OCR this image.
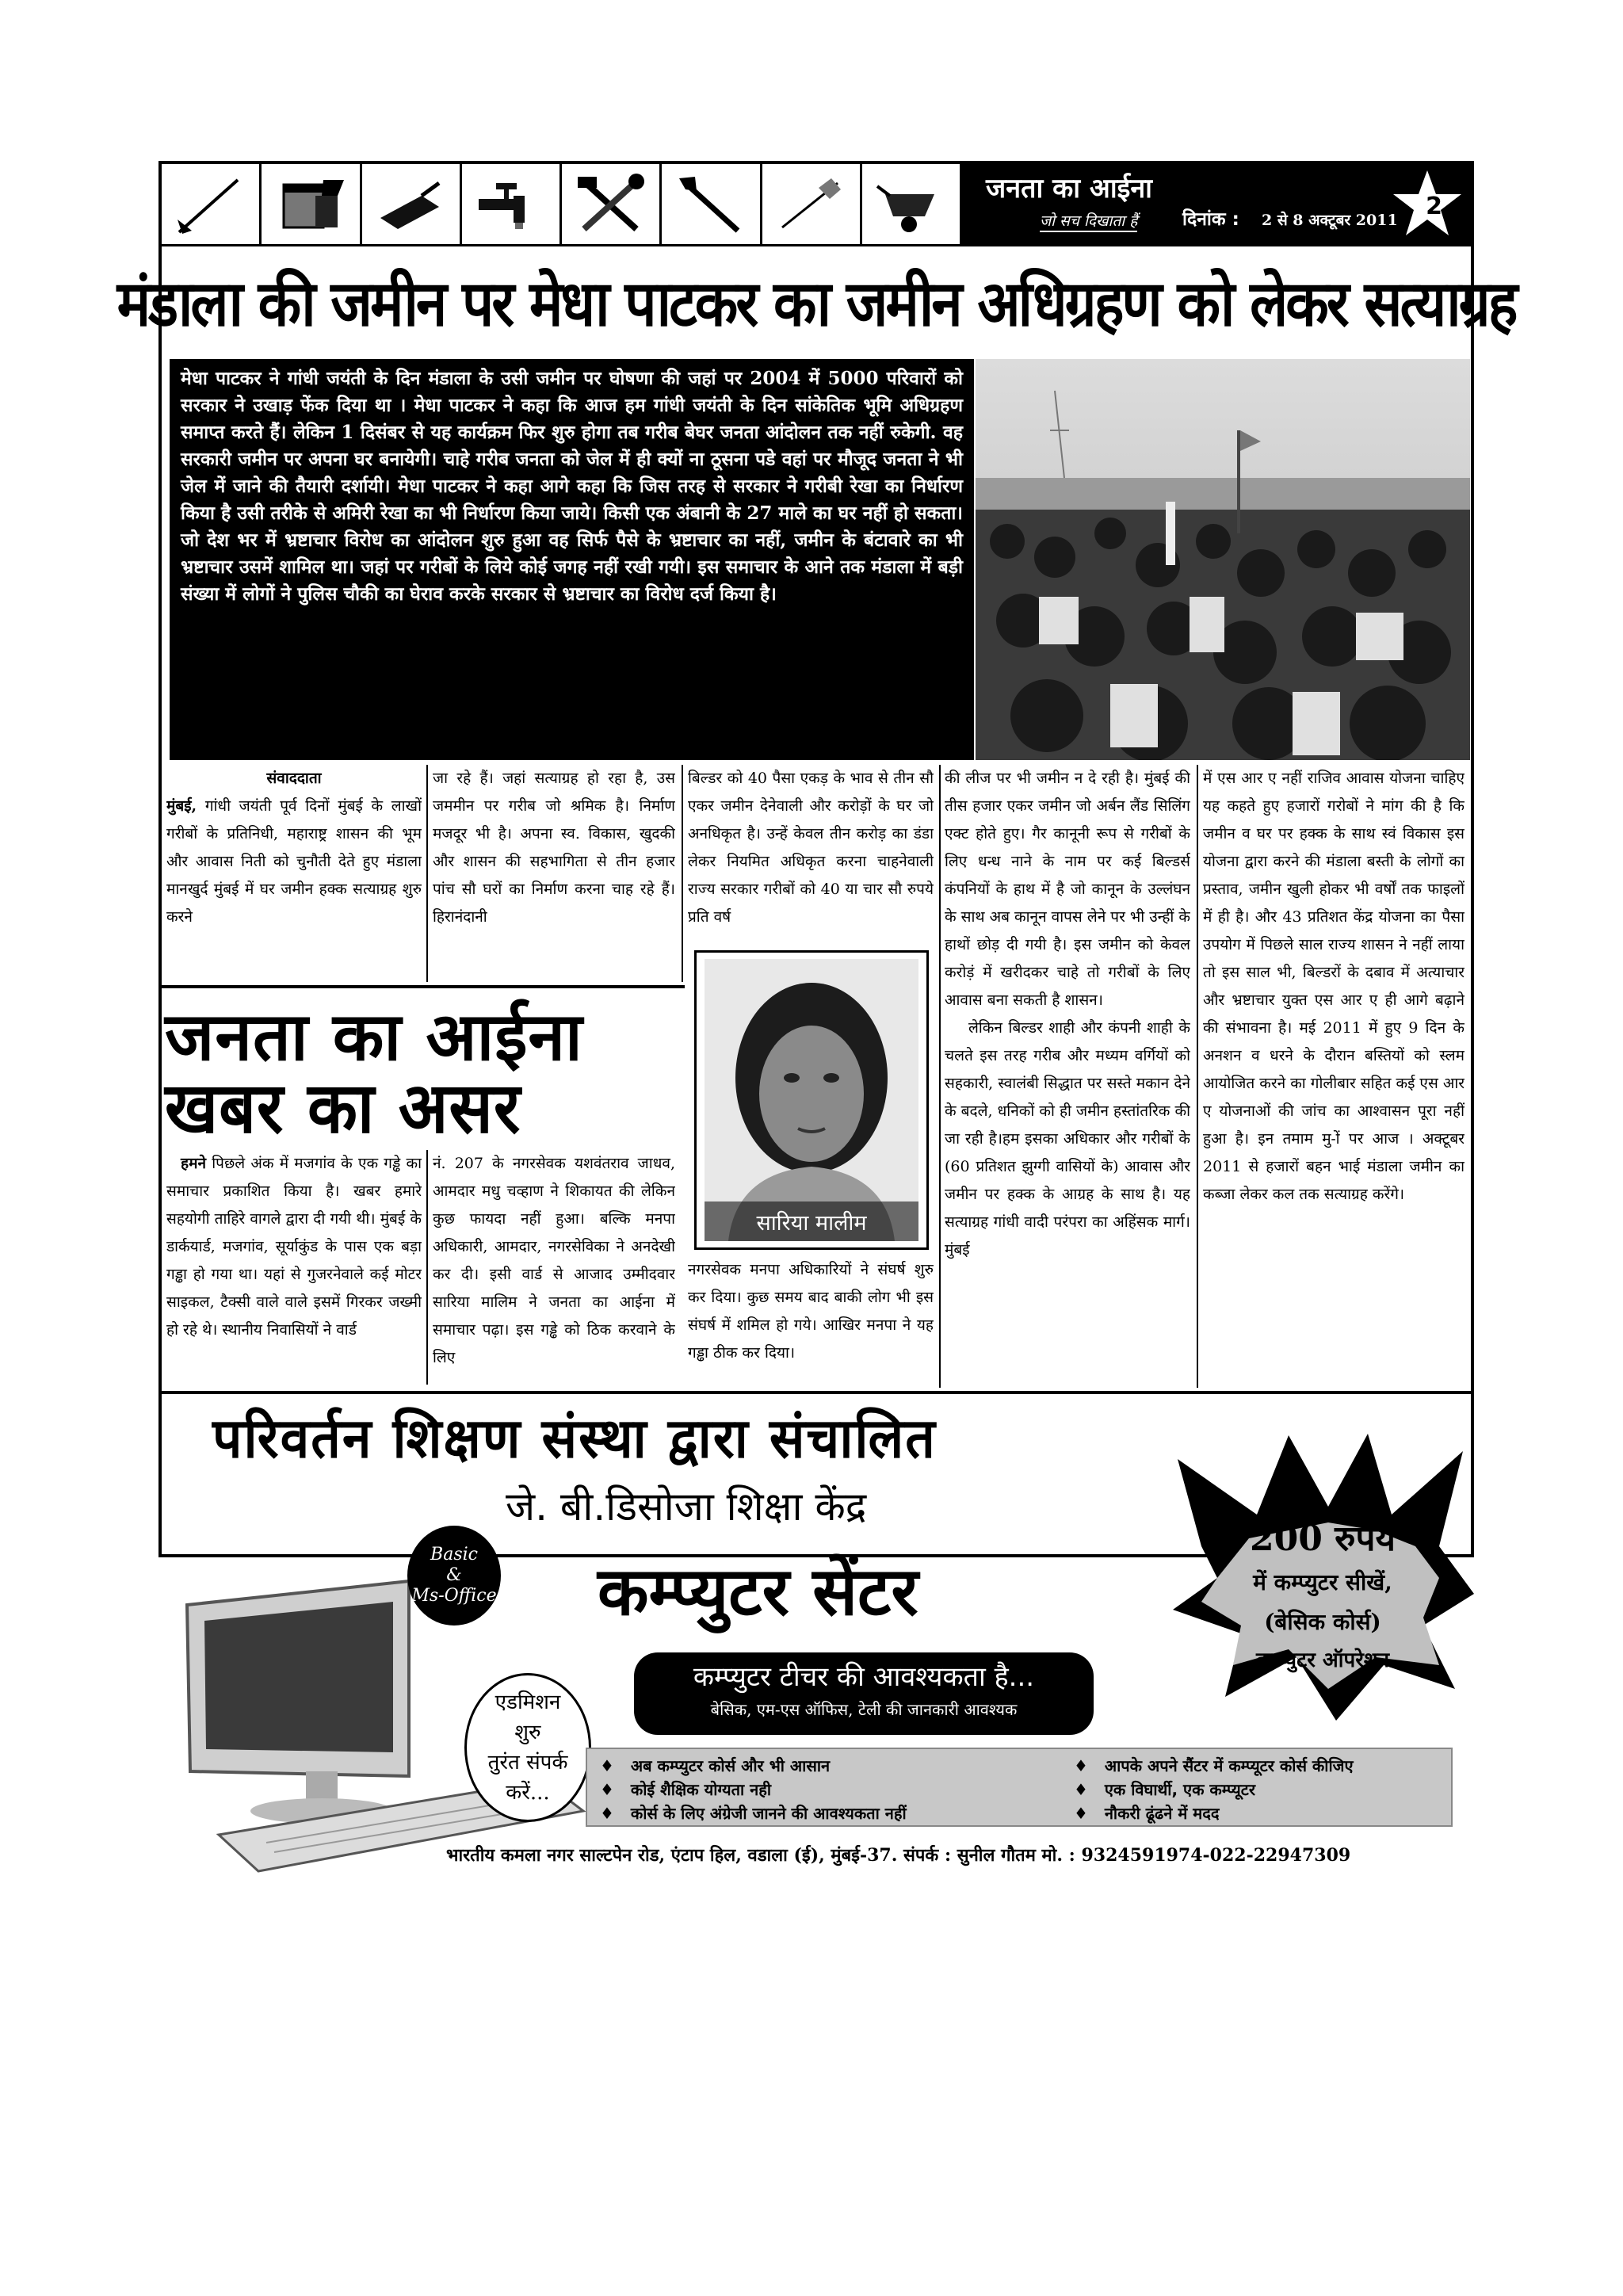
जनता का आईना
जो सच दिखाता हैं दिनांक : 2 से 8 अक्टूबर 2011 2
मंडाला की जमीन पर मेधा पाटकर का जमीन अधिग्रहण को लेकर सत्याग्रह
मेधा पाटकर ने गांधी जयंती के दिन मंडाला के उसी जमीन पर घोषणा की जहां पर 2004 में 5000 परिवारों को सरकार ने उखाड़ फेंक दिया था । मेधा पाटकर ने कहा कि आज हम गांधी जयंती के दिन सांकेतिक भूमि अधिग्रहण समाप्त करते हैं। लेकिन 1 दिसंबर से यह कार्यक्रम फिर शुरु होगा तब गरीब बेघर जनता आंदोलन तक नहीं रुकेगी. वह सरकारी जमीन पर अपना घर बनायेगी। चाहे गरीब जनता को जेल में ही क्यों ना ठूसना पडे वहां पर मौजूद जनता ने भी जेल में जाने की तैयारी दर्शायी। मेधा पाटकर ने कहा आगे कहा कि जिस तरह से सरकार ने गरीबी रेखा का निर्धारण किया है उसी तरीके से अमिरी रेखा का भी निर्धारण किया जाये। किसी एक अंबानी के 27 माले का घर नहीं हो सकता। जो देश भर में भ्रष्टाचार विरोध का आंदोलन शुरु हुआ वह सिर्फ पैसे के भ्रष्टाचार का नहीं, जमीन के बंटावारे का भी भ्रष्टाचार उसमें शामिल था। जहां पर गरीबों के लिये कोई जगह नहीं रखी गयी। इस समाचार के आने तक मंडाला में बड़ी संख्या में लोगों ने पुलिस चौकी का घेराव करके सरकार से भ्रष्टाचार का विरोध दर्ज किया है।
संवाददाता
मुंबई, गांधी जयंती पूर्व दिनों मुंबई के लाखों गरीबों के प्रतिनिधी, महाराष्ट्र शासन की भूम और आवास निती को चुनौती देते हुए मंडाला मानखुर्द मुंबई में घर जमीन हक्क सत्याग्रह शुरु करने
जा रहे हैं। जहां सत्याग्रह हो रहा है, उस जममीन पर गरीब जो श्रमिक है। निर्माण मजदूर भी है। अपना स्व. विकास, खुदकी और शासन की सहभागिता से तीन हजार पांच सौ घरों का निर्माण करना चाह रहे हैं। हिरानंदानी
बिल्डर को 40 पैसा एकड़ के भाव से तीन सौ एकर जमीन देनेवाली और करोड़ों के घर जो अनधिकृत है। उन्हें केवल तीन करोड़ का डंडा लेकर नियमित अधिकृत करना चाहनेवाली राज्य सरकार गरीबों को 40 या चार सौ रुपये प्रति वर्ष
की लीज पर भी जमीन न दे रही है। मुंबई की तीस हजार एकर जमीन जो अर्बन लैंड सिलिंग एक्ट होते हुए। गैर कानूनी रूप से गरीबों के लिए धन्ध नाने के नाम पर कई बिल्डर्स कंपनियों के हाथ में है जो कानून के उल्लंघन के साथ अब कानून वापस लेने पर भी उन्हीं के हाथों छोड़ दी गयी है। इस जमीन को केवल करोड़ं में खरीदकर चाहे तो गरीबों के लिए आवास बना सकती है शासन।
लेकिन बिल्डर शाही और कंपनी शाही के चलते इस तरह गरीब और मध्यम वर्गियों को सहकारी, स्वालंबी सिद्धात पर सस्ते मकान देने के बदले, धनिकों को ही जमीन हस्तांतरिक की जा रही है।हम इसका अधिकार और गरीबों के (60 प्रतिशत झुग्गी वासियों के) आवास और जमीन पर हक्क के आग्रह के साथ है। यह सत्याग्रह गांधी वादी परंपरा का अहिंसक मार्ग। मुंबई
में एस आर ए नहीं राजिव आवास योजना चाहिए यह कहते हुए हजारों गरोबों ने मांग की है कि जमीन व घर पर हक्क के साथ स्वं विकास इस योजना द्वारा करने की मंडाला बस्ती के लोगों का प्रस्ताव, जमीन खुली होकर भी वर्षों तक फाइलों में ही है। और 43 प्रतिशत केंद्र योजना का पैसा उपयोग में पिछले साल राज्य शासन ने नहीं लाया तो इस साल भी, बिल्डरों के दबाव में अत्याचार और भ्रष्टाचार युक्त एस आर ए ही आगे बढ़ाने की संभावना है। मई 2011 में हुए 9 दिन के अनशन व धरने के दौरान बस्तियों को स्लम आयोजित करने का गोलीबार सहित कई एस आर ए योजनाओं की जांच का आश्वासन पूरा नहीं हुआ है। इन तमाम मु-ों पर आज । अक्टूबर 2011 से हजारों बहन भाई मंडाला जमीन का कब्जा लेकर कल तक सत्याग्रह करेंगे।
जनता का आईना
खबर का असर
हमने पिछले अंक में मजगांव के एक गड्ढे का समाचार प्रकाशित किया है। खबर हमारे सहयोगी ताहिरे वागले द्वारा दी गयी थी। मुंबई के डार्कयार्ड, मजगांव, सूर्याकुंड के पास एक बड़ा गड्ढा हो गया था। यहां से गुजरनेवाले कई मोटर साइकल, टैक्सी वाले वाले इसमें गिरकर जख्मी हो रहे थे। स्थानीय निवासियों ने वार्ड
नं. 207 के नगरसेवक यशवंतराव जाधव, आमदार मधु चव्हाण ने शिकायत की लेकिन कुछ फायदा नहीं हुआ। बल्कि मनपा अधिकारी, आमदार, नगरसेविका ने अनदेखी कर दी। इसी वार्ड से आजाद उम्मीदवार सारिया मालिम ने जनता का आईना में समाचार पढ़ा। इस गड्ढे को ठिक करवाने के लिए
सारिया मालीम
नगरसेवक मनपा अधिकारियों ने संघर्ष शुरु कर दिया। कुछ समय बाद बाकी लोग भी इस संघर्ष में शमिल हो गये। आखिर मनपा ने यह गड्ढा ठीक कर दिया।
परिवर्तन शिक्षण संस्था द्वारा संचालित
जे. बी.डिसोजा शिक्षा केंद्र
कम्प्युटर सेंटर
Basic
&
Ms-Office
कम्प्युटर टीचर की आवश्यकता है...
बेसिक, एम-एस ऑफिस, टेली की जानकारी आवश्यक
200 रुपये
में कम्प्युटर सीखें,
(बेसिक कोर्स)
कम्प्युटर ऑपरेशन
एडमिशन
शुरु
तुरंत संपर्क
करें...
♦   अब कम्प्युटर कोर्स और भी आसान
♦   कोई शैक्षिक योग्यता नही
♦   कोर्स के लिए अंग्रेजी जानने की आवश्यकता नहीं
♦   आपके अपने सैंटर में कम्प्यूटर कोर्स कीजिए
♦   एक विघार्थी, एक कम्प्यूटर
♦   नौकरी ढूंढने में मदद
भारतीय कमला नगर साल्टपेन रोड, एंटाप हिल, वडाला (ई), मुंबई-37. संपर्क : सुनील गौतम मो. : 9324591974-022-22947309
